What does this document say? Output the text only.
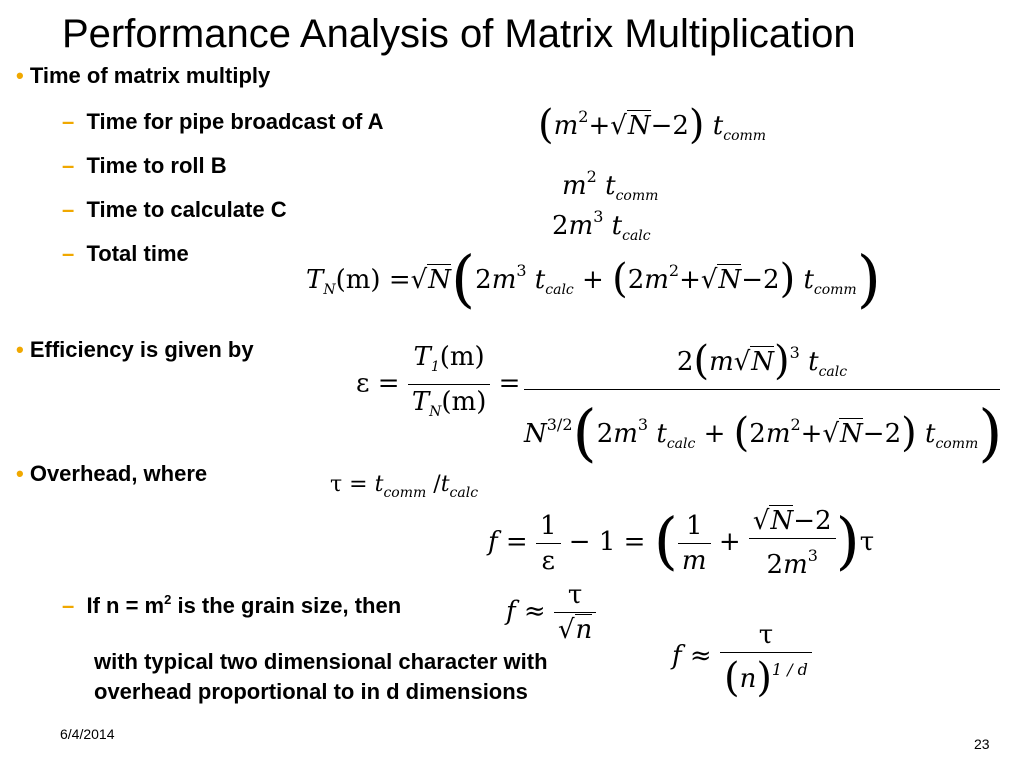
Performance Analysis of Matrix Multiplication
• Time of matrix multiply
– Time for pipe broadcast of A
– Time to roll B
– Time to calculate C
– Total time
$(m^2+√N-2)$ $t_{comm}$
$m^2$ $t_{comm}$
$2m^3$ $t_{calc}$
$T_N(m) =√N(2m^3$ $t_{calc} + (2m^2+√N-2)$ $t_{comm}$)
• Efficiency is given by
$\varepsilon = \frac{T_1(m)}{T_N(m)}$ =
$2(m√N)^3$ $t_{calc}$
$N^{3/2}(2m^3$ $t_{calc} + (2m^2+√N-2)$ $t_{comm}$)
• Overhead, where	$\tau = t_{comm}$ $/t_{calc}$
$f = \frac{1}{\varepsilon} - 1$ = ( $\frac{1}{m} + \frac{√N-2}{2m^3} )\tau$
– If $n = m^2$ is the grain size, then	$f \approx \frac{\tau}{√n}$
$f \approx \frac{\tau}{(n)^{1 / d}}$
with typical two dimensional character with
overhead proportional to in d dimensions
6/4/2014
23
